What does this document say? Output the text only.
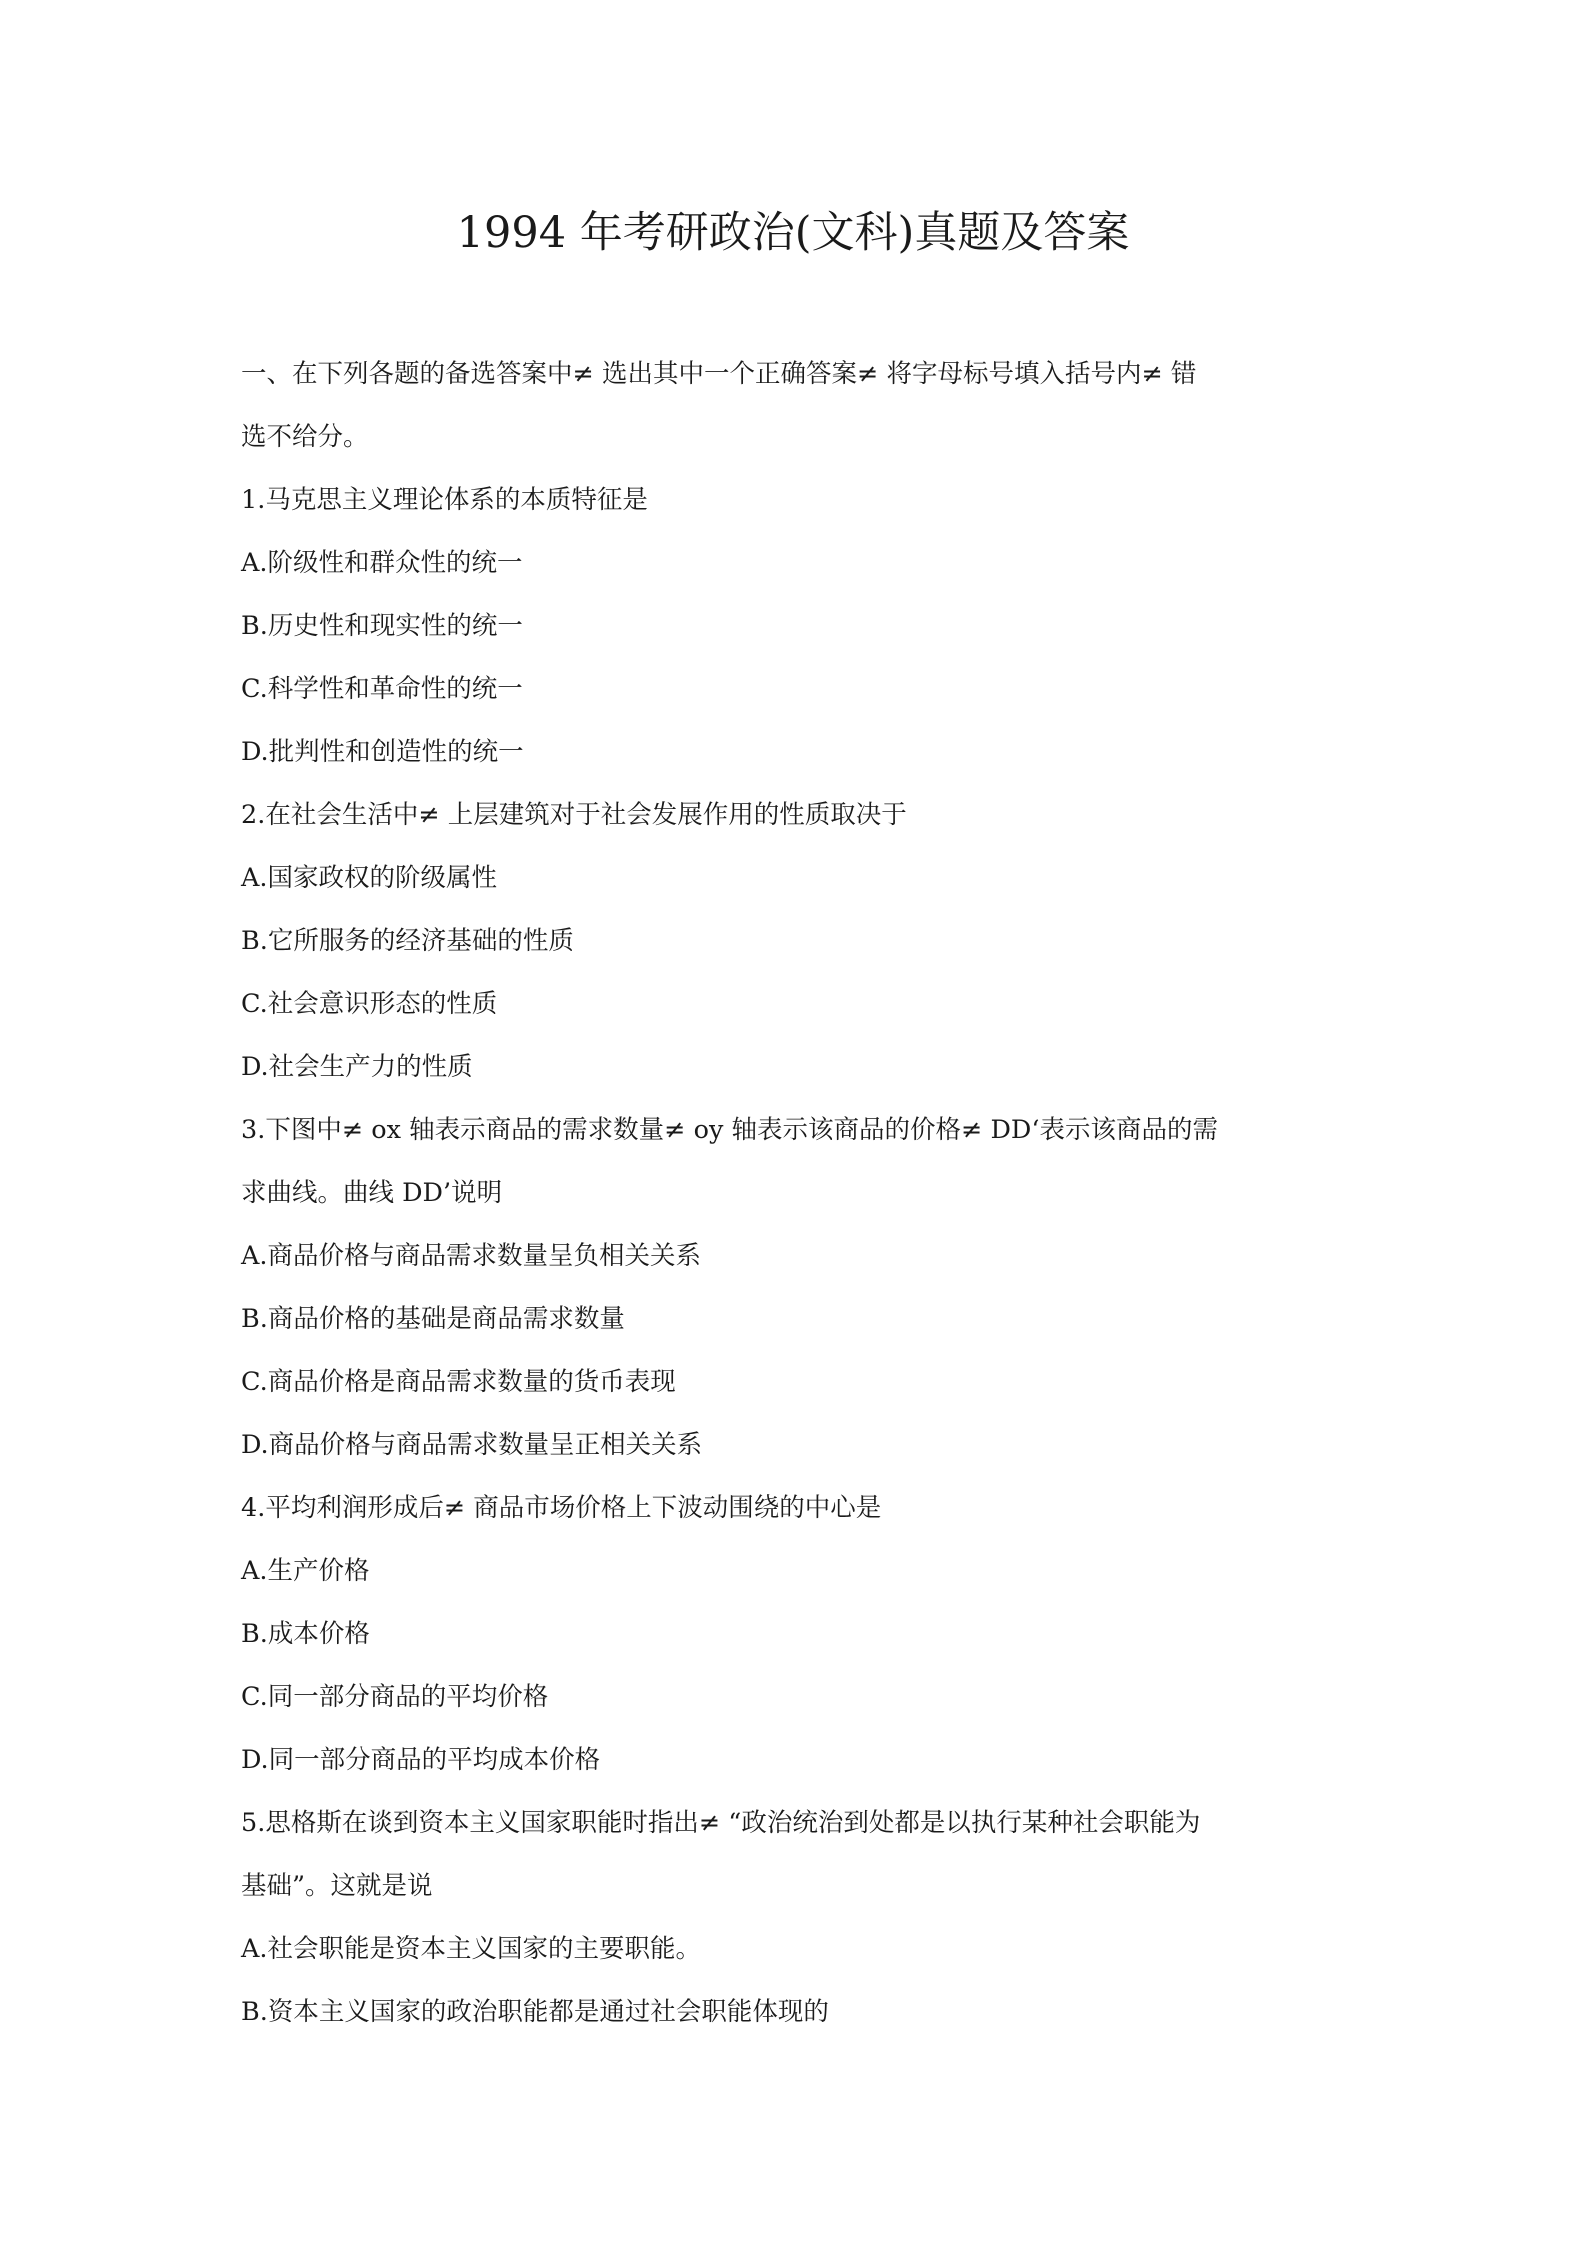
1994 年考研政治(文科)真题及答案

一、在下列各题的备选答案中≠ 选出其中一个正确答案≠ 将字母标号填入括号内≠ 错

选不给分。

1.马克思主义理论体系的本质特征是

A.阶级性和群众性的统一

B.历史性和现实性的统一

C.科学性和革命性的统一

D.批判性和创造性的统一

2.在社会生活中≠ 上层建筑对于社会发展作用的性质取决于

A.国家政权的阶级属性

B.它所服务的经济基础的性质

C.社会意识形态的性质

D.社会生产力的性质

3.下图中≠ ox 轴表示商品的需求数量≠ oy 轴表示该商品的价格≠ DD‘表示该商品的需

求曲线。曲线 DD’说明

A.商品价格与商品需求数量呈负相关关系

B.商品价格的基础是商品需求数量

C.商品价格是商品需求数量的货币表现

D.商品价格与商品需求数量呈正相关关系

4.平均利润形成后≠ 商品市场价格上下波动围绕的中心是

A.生产价格

B.成本价格

C.同一部分商品的平均价格

D.同一部分商品的平均成本价格

5.思格斯在谈到资本主义国家职能时指出≠ “政治统治到处都是以执行某种社会职能为

基础”。这就是说

A.社会职能是资本主义国家的主要职能。

B.资本主义国家的政治职能都是通过社会职能体现的
